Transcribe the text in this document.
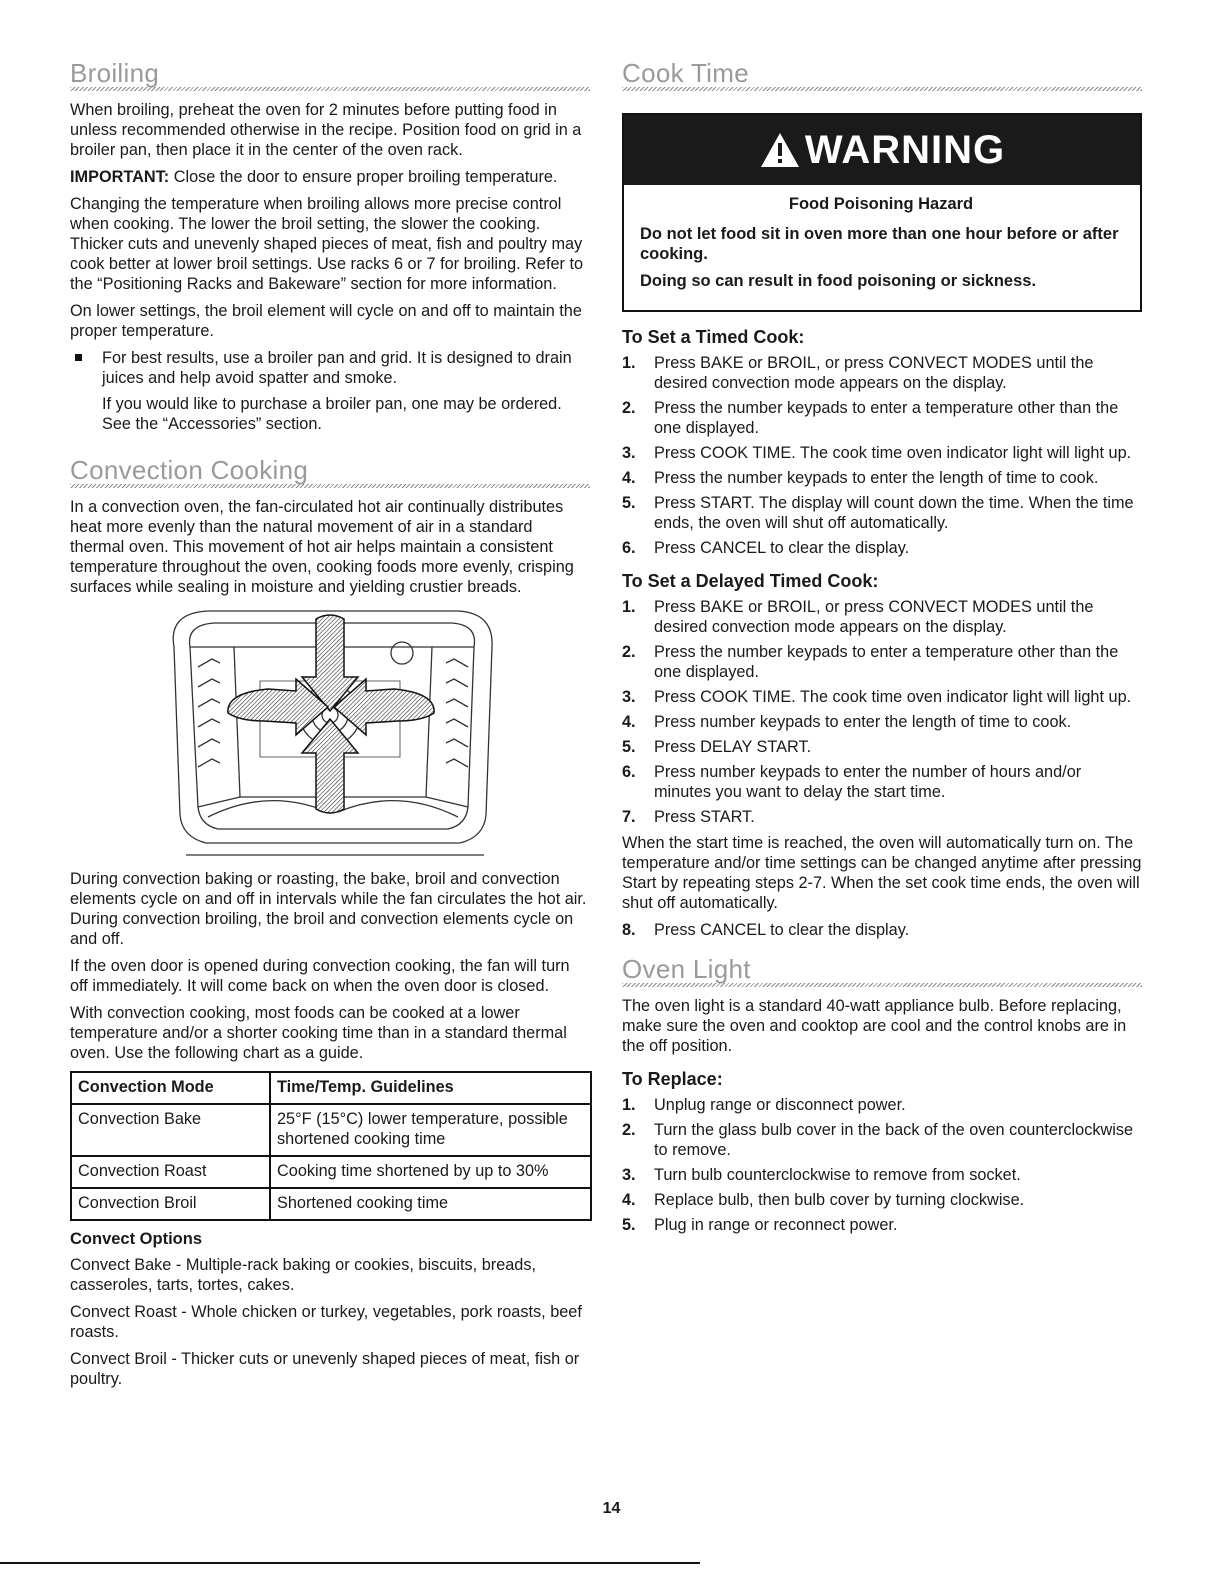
Broiling

When broiling, preheat the oven for 2 minutes before putting food in unless recommended otherwise in the recipe. Position food on grid in a broiler pan, then place it in the center of the oven rack.

IMPORTANT: Close the door to ensure proper broiling temperature.

Changing the temperature when broiling allows more precise control when cooking. The lower the broil setting, the slower the cooking. Thicker cuts and unevenly shaped pieces of meat, fish and poultry may cook better at lower broil settings. Use racks 6 or 7 for broiling. Refer to the “Positioning Racks and Bakeware” section for more information.

On lower settings, the broil element will cycle on and off to maintain the proper temperature.

For best results, use a broiler pan and grid. It is designed to drain juices and help avoid spatter and smoke.

If you would like to purchase a broiler pan, one may be ordered. See the “Accessories” section.

Convection Cooking

In a convection oven, the fan-circulated hot air continually distributes heat more evenly than the natural movement of air in a standard thermal oven. This movement of hot air helps maintain a consistent temperature throughout the oven, cooking foods more evenly, crisping surfaces while sealing in moisture and yielding crustier breads.

During convection baking or roasting, the bake, broil and convection elements cycle on and off in intervals while the fan circulates the hot air. During convection broiling, the broil and convection elements cycle on and off.

If the oven door is opened during convection cooking, the fan will turn off immediately. It will come back on when the oven door is closed.

With convection cooking, most foods can be cooked at a lower temperature and/or a shorter cooking time than in a standard thermal oven. Use the following chart as a guide.

Convection Mode	Time/Temp. Guidelines
Convection Bake	25°F (15°C) lower temperature, possible shortened cooking time
Convection Roast	Cooking time shortened by up to 30%
Convection Broil	Shortened cooking time
Convect Options

Convect Bake - Multiple-rack baking or cookies, biscuits, breads, casseroles, tarts, tortes, cakes.

Convect Roast - Whole chicken or turkey, vegetables, pork roasts, beef roasts.

Convect Broil - Thicker cuts or unevenly shaped pieces of meat, fish or poultry.

Cook Time
WARNING
Food Poisoning Hazard

Do not let food sit in oven more than one hour before or after cooking.

Doing so can result in food poisoning or sickness.

To Set a Timed Cook:
1. Press BAKE or BROIL, or press CONVECT MODES until the desired convection mode appears on the display.
2. Press the number keypads to enter a temperature other than the one displayed.
3. Press COOK TIME. The cook time oven indicator light will light up.
4. Press the number keypads to enter the length of time to cook.
5. Press START. The display will count down the time. When the time ends, the oven will shut off automatically.
6. Press CANCEL to clear the display.
To Set a Delayed Timed Cook:
1. Press BAKE or BROIL, or press CONVECT MODES until the desired convection mode appears on the display.
2. Press the number keypads to enter a temperature other than the one displayed.
3. Press COOK TIME. The cook time oven indicator light will light up.
4. Press number keypads to enter the length of time to cook.
5. Press DELAY START.
6. Press number keypads to enter the number of hours and/or minutes you want to delay the start time.
7. Press START.

When the start time is reached, the oven will automatically turn on. The temperature and/or time settings can be changed anytime after pressing Start by repeating steps 2-7. When the set cook time ends, the oven will shut off automatically.

8. Press CANCEL to clear the display.
Oven Light

The oven light is a standard 40-watt appliance bulb. Before replacing, make sure the oven and cooktop are cool and the control knobs are in the off position.

To Replace:
1. Unplug range or disconnect power.
2. Turn the glass bulb cover in the back of the oven counterclockwise to remove.
3. Turn bulb counterclockwise to remove from socket.
4. Replace bulb, then bulb cover by turning clockwise.
5. Plug in range or reconnect power.
14
